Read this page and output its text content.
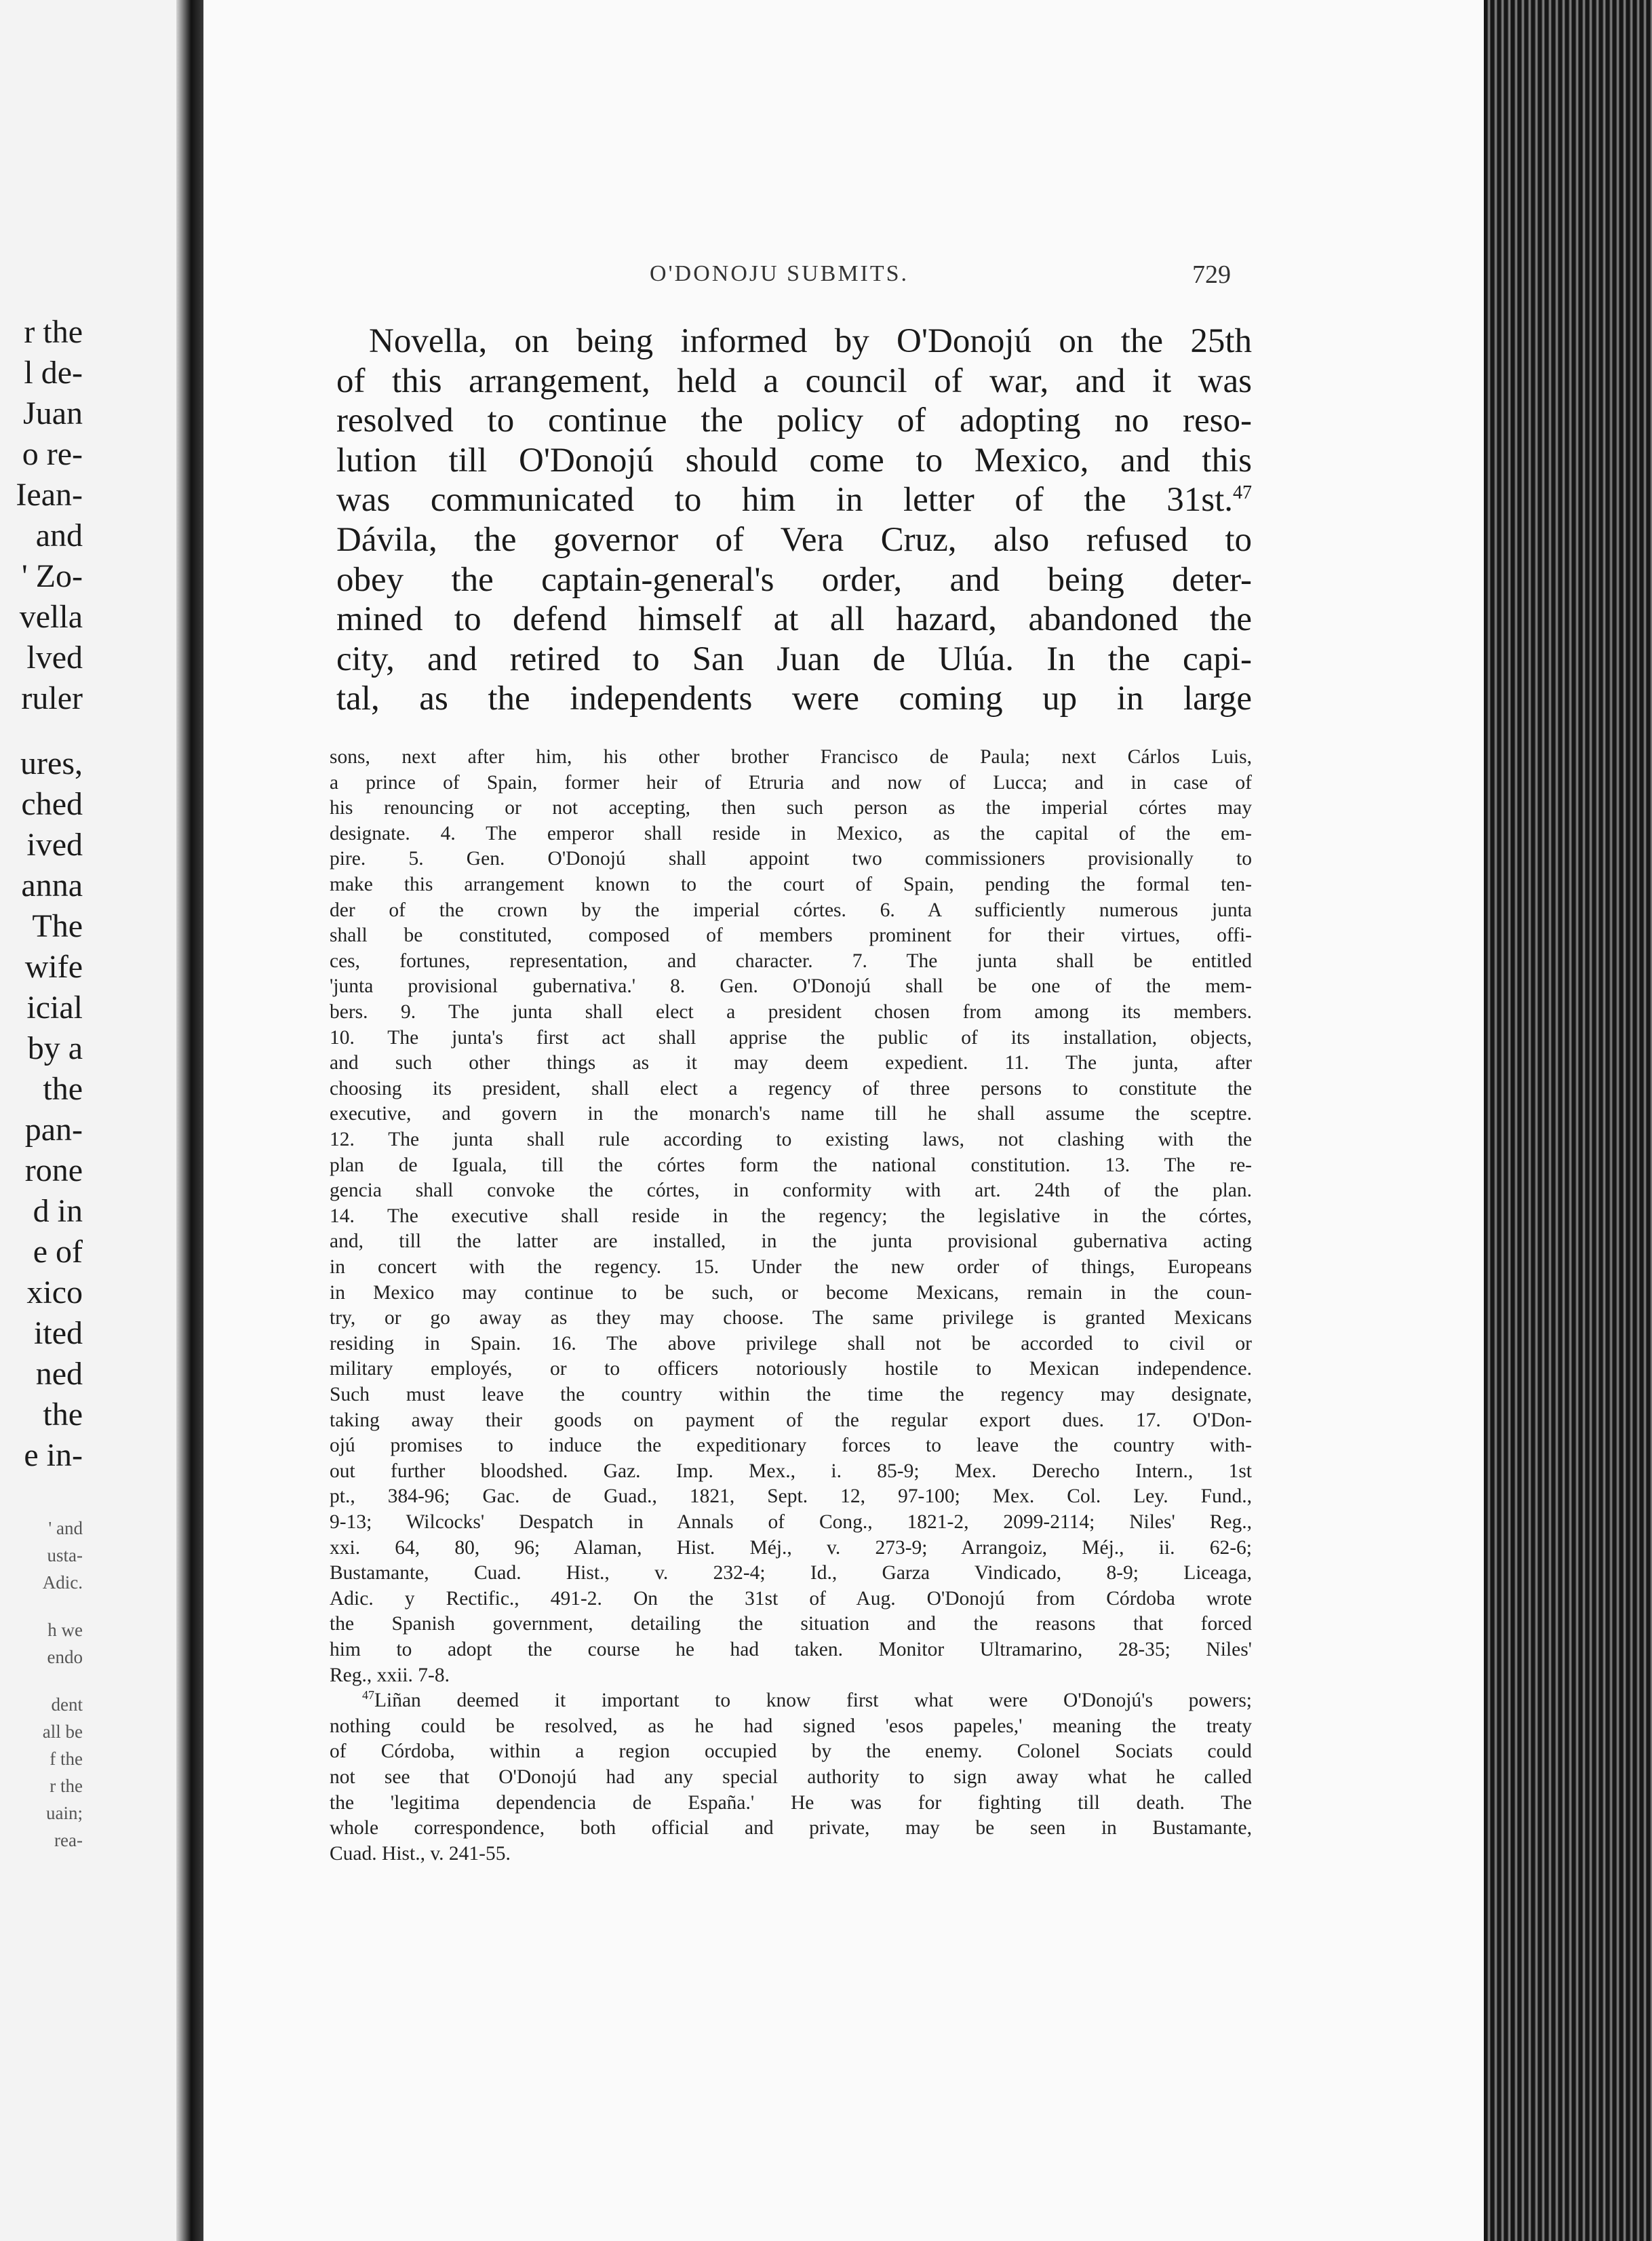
r the
l de-
Juan
o re-
Iean-
and
' Zo-
vella
lved
ruler
ures,
ched
ived
anna
The
wife
icial
by a
the
pan-
rone
d in
e of
xico
ited
ned
the
e in-
' and
usta-
Adic.
h we
endo
dent
all be
f the
r the
uain;
rea-
O'DONOJU SUBMITS.	729
Novella, on being informed by O'Donojú on the 25th
of this arrangement, held a council of war, and it was
resolved to continue the policy of adopting no reso-
lution till O'Donojú should come to Mexico, and this
was communicated to him in letter of the 31st.$^{47}$
Dávila, the governor of Vera Cruz, also refused to
obey the captain-general's order, and being deter-
mined to defend himself at all hazard, abandoned the
city, and retired to San Juan de Ulúa. In the capi-
tal, as the independents were coming up in large
sons, next after him, his other brother Francisco de Paula; next Cárlos Luis,
a prince of Spain, former heir of Etruria and now of Lucca; and in case of
his renouncing or not accepting, then such person as the imperial córtes may
designate. 4. The emperor shall reside in Mexico, as the capital of the em-
pire. 5. Gen. O'Donojú shall appoint two commissioners provisionally to
make this arrangement known to the court of Spain, pending the formal ten-
der of the crown by the imperial córtes. 6. A sufficiently numerous junta
shall be constituted, composed of members prominent for their virtues, offi-
ces, fortunes, representation, and character. 7. The junta shall be entitled
'junta provisional gubernativa.' 8. Gen. O'Donojú shall be one of the mem-
bers. 9. The junta shall elect a president chosen from among its members.
10. The junta's first act shall apprise the public of its installation, objects,
and such other things as it may deem expedient. 11. The junta, after
choosing its president, shall elect a regency of three persons to constitute the
executive, and govern in the monarch's name till he shall assume the sceptre.
12. The junta shall rule according to existing laws, not clashing with the
plan de Iguala, till the córtes form the national constitution. 13. The re-
gencia shall convoke the córtes, in conformity with art. 24th of the plan.
14. The executive shall reside in the regency; the legislative in the córtes,
and, till the latter are installed, in the junta provisional gubernativa acting
in concert with the regency. 15. Under the new order of things, Europeans
in Mexico may continue to be such, or become Mexicans, remain in the coun-
try, or go away as they may choose. The same privilege is granted Mexicans
residing in Spain. 16. The above privilege shall not be accorded to civil or
military employés, or to officers notoriously hostile to Mexican independence.
Such must leave the country within the time the regency may designate,
taking away their goods on payment of the regular export dues. 17. O'Don-
ojú promises to induce the expeditionary forces to leave the country with-
out further bloodshed. Gaz. Imp. Mex., i. 85-9; Mex. Derecho Intern., 1st
pt., 384-96; Gac. de Guad., 1821, Sept. 12, 97-100; Mex. Col. Ley. Fund.,
9-13; Wilcocks' Despatch in Annals of Cong., 1821-2, 2099-2114; Niles' Reg.,
xxi. 64, 80, 96; Alaman, Hist. Méj., v. 273-9; Arrangoiz, Méj., ii. 62-6;
Bustamante, Cuad. Hist., v. 232-4; Id., Garza Vindicado, 8-9; Liceaga,
Adic. y Rectific., 491-2. On the 31st of Aug. O'Donojú from Córdoba wrote
the Spanish government, detailing the situation and the reasons that forced
him to adopt the course he had taken. Monitor Ultramarino, 28-35; Niles'
Reg., xxii. 7-8.
$^{47}$Liñan deemed it important to know first what were O'Donojú's powers;
nothing could be resolved, as he had signed 'esos papeles,' meaning the treaty
of Córdoba, within a region occupied by the enemy. Colonel Sociats could
not see that O'Donojú had any special authority to sign away what he called
the 'legitima dependencia de España.' He was for fighting till death. The
whole correspondence, both official and private, may be seen in Bustamante,
Cuad. Hist., v. 241-55.
